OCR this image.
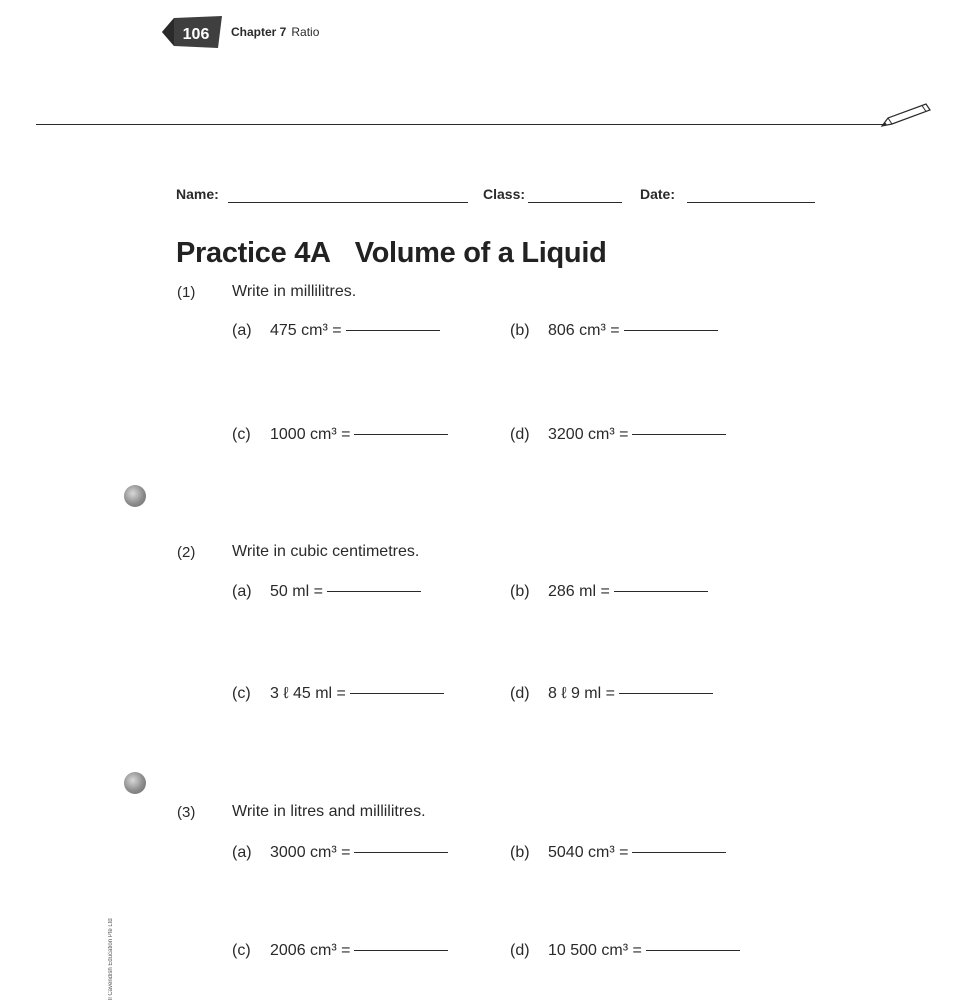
106 Chapter 7 Ratio
Name:	Class:	Date:
Practice 4A Volume of a Liquid
(1) Write in millilitres.
(a) 475 cm³ =	(b) 806 cm³ =
(c) 1000 cm³ =	(d) 3200 cm³ =
(2) Write in cubic centimetres.
(a) 50 ml =	(b) 286 ml =
(c) 3 ℓ 45 ml =	(d) 8 ℓ 9 ml =
(3) Write in litres and millilitres.
(a) 3000 cm³ =	(b) 5040 cm³ =
(c) 2006 cm³ =	(d) 10 500 cm³ =
ll Cavendish Education Pte Ltd
